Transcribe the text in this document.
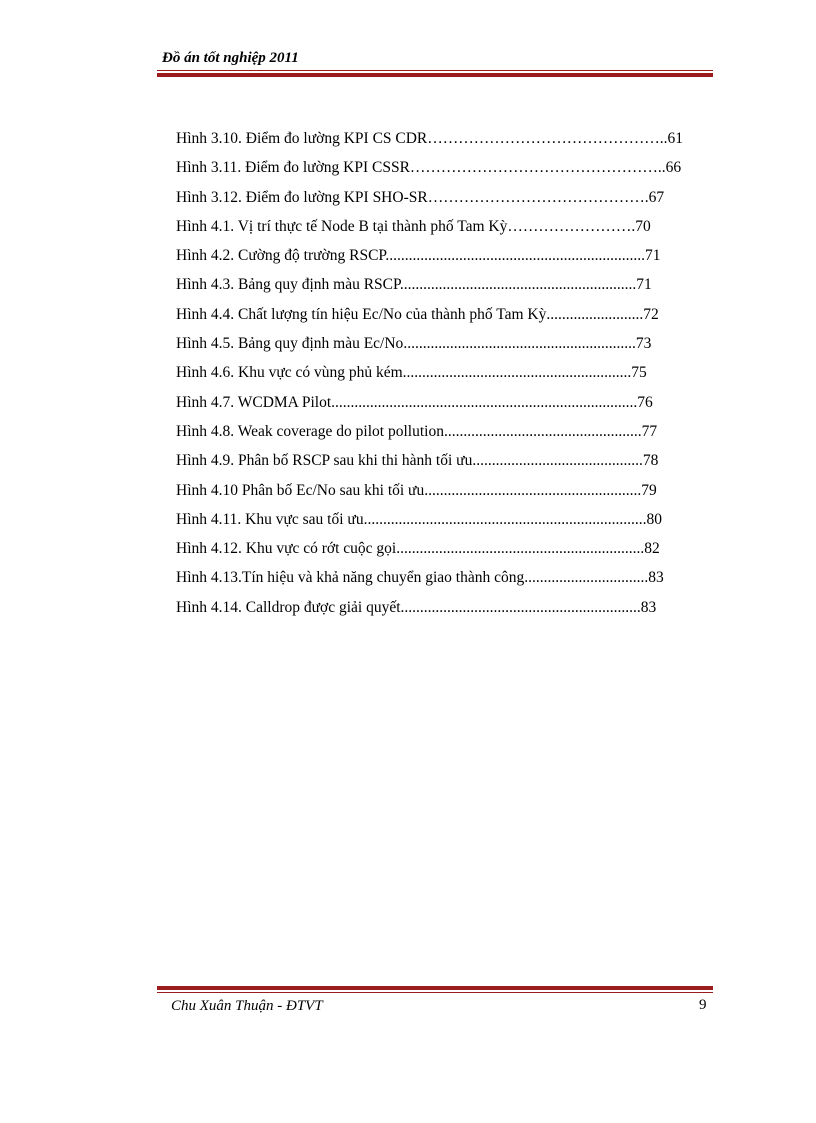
Đồ án tốt nghiệp 2011
Hình 3.10. Điểm đo lường KPI CS CDR………………………………………..61
Hình 3.11. Điểm đo lường KPI CSSR…………………………………………..66
Hình 3.12. Điểm đo lường KPI SHO-SR…………………………………….67
Hình 4.1. Vị trí thực tế Node B tại thành phố Tam Kỳ…………………….70
Hình 4.2. Cường độ trường RSCP...................................................................71
Hình 4.3. Bảng quy định màu RSCP.............................................................71
Hình 4.4. Chất lượng tín hiệu Ec/No của thành phố Tam Kỳ.........................72
Hình 4.5. Bảng quy định màu Ec/No............................................................73
Hình 4.6. Khu vực có vùng phủ kém...........................................................75
Hình 4.7. WCDMA Pilot...............................................................................76
Hình 4.8. Weak coverage do pilot pollution...................................................77
Hình 4.9. Phân bố RSCP sau khi thi hành tối ưu............................................78
Hình 4.10 Phân bố Ec/No sau khi tối ưu........................................................79
Hình 4.11. Khu vực sau tối ưu.........................................................................80
Hình 4.12. Khu vực có rớt cuộc gọi................................................................82
Hình 4.13.Tín hiệu và khả năng chuyển giao thành công................................83
Hình 4.14. Calldrop được giải quyết..............................................................83
Chu Xuân Thuận - ĐTVT	9
